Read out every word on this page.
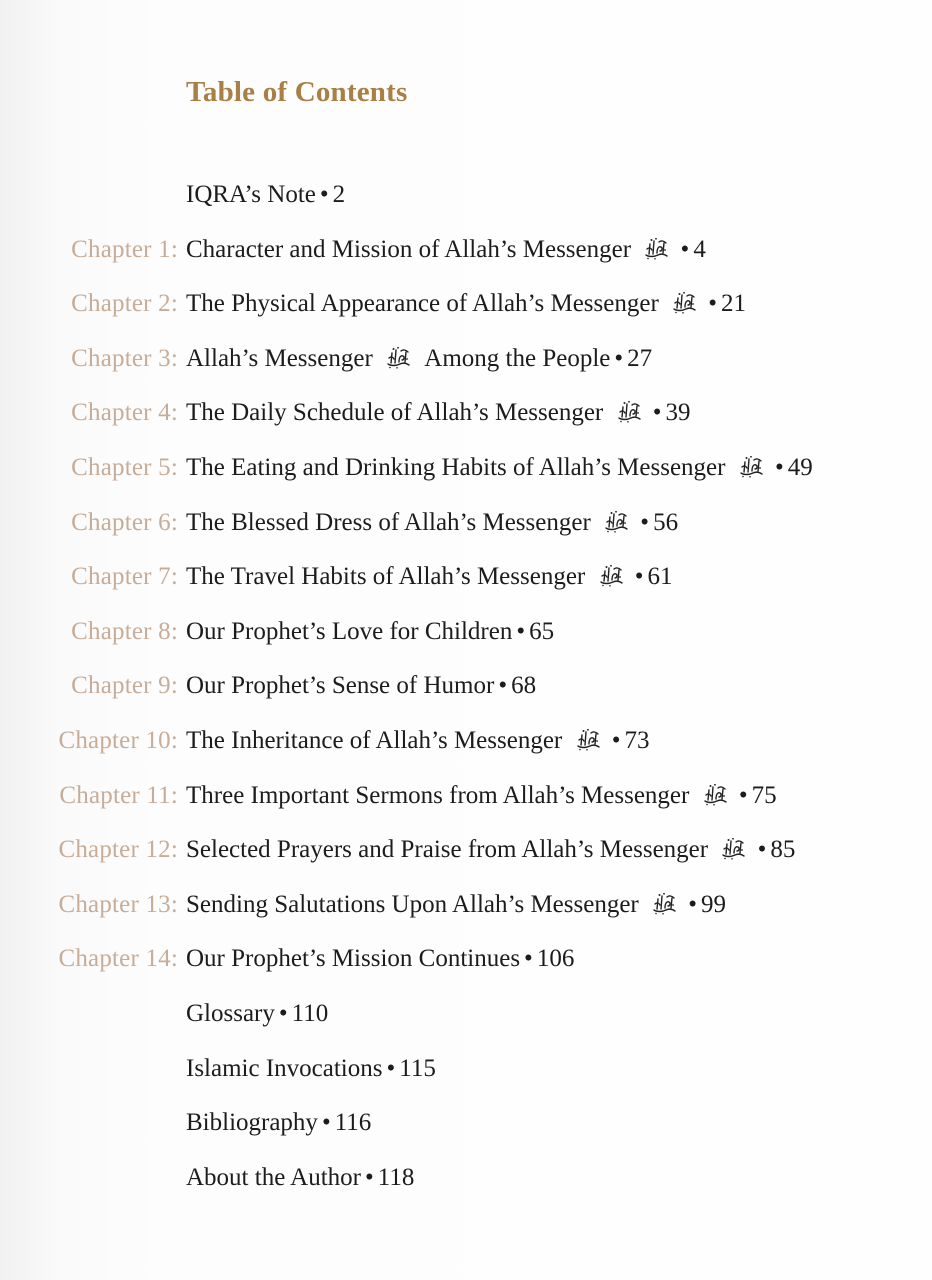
Table of Contents
IQRA’s Note • 2
Chapter 1: Character and Mission of Allah’s Messenger • 4
Chapter 2: The Physical Appearance of Allah’s Messenger • 21
Chapter 3: Allah’s Messenger Among the People • 27
Chapter 4: The Daily Schedule of Allah’s Messenger • 39
Chapter 5: The Eating and Drinking Habits of Allah’s Messenger • 49
Chapter 6: The Blessed Dress of Allah’s Messenger • 56
Chapter 7: The Travel Habits of Allah’s Messenger • 61
Chapter 8: Our Prophet’s Love for Children • 65
Chapter 9: Our Prophet’s Sense of Humor • 68
Chapter 10: The Inheritance of Allah’s Messenger • 73
Chapter 11: Three Important Sermons from Allah’s Messenger • 75
Chapter 12: Selected Prayers and Praise from Allah’s Messenger • 85
Chapter 13: Sending Salutations Upon Allah’s Messenger • 99
Chapter 14: Our Prophet’s Mission Continues • 106
Glossary • 110
Islamic Invocations • 115
Bibliography • 116
About the Author • 118
